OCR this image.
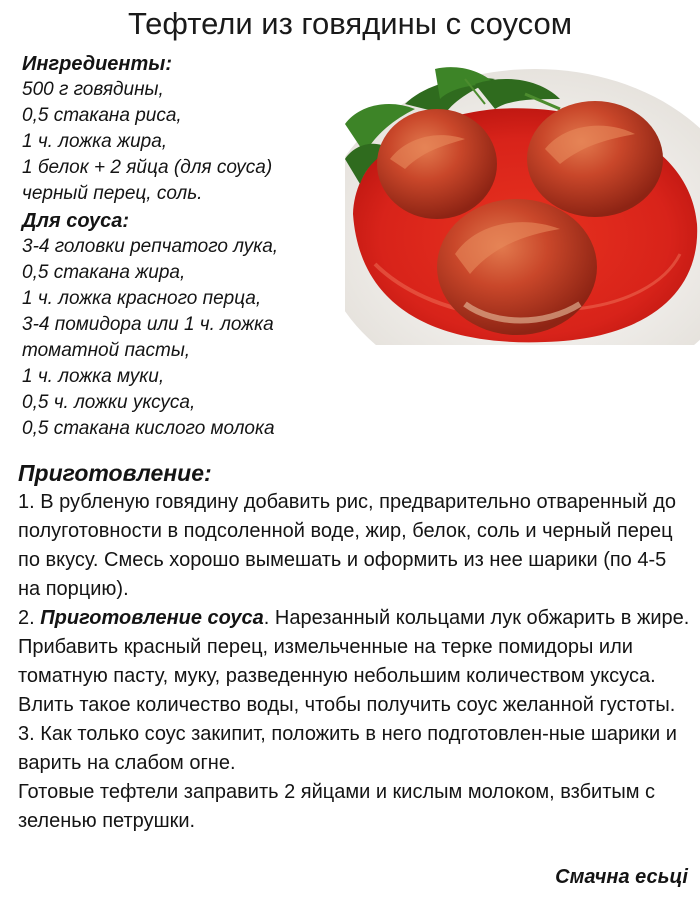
Тефтели из говядины с соусом
Ингредиенты:
500 г говядины,
0,5 стакана риса,
1 ч. ложка жира,
1 белок + 2 яйца (для соуса)
черный перец, соль.
Для соуса:
3-4 головки репчатого лука,
0,5 стакана жира,
1 ч. ложка красного перца,
3-4 помидора или 1 ч. ложка
томатной пасты,
1 ч. ложка муки,
0,5 ч. ложки уксуса,
0,5 стакана кислого молока
Приготовление:

1. В рубленую говядину добавить рис, предварительно отваренный до полуготовности в подсоленной воде, жир, белок, соль и черный перец по вкусу. Смесь хорошо вымешать и оформить из нее шарики (по 4-5 на порцию).

2. Приготовление соуса. Нарезанный кольцами лук обжарить в жире. Прибавить красный перец, измельченные на терке помидоры или томатную пасту, муку, разведенную небольшим количеством уксуса. Влить такое количество воды, чтобы получить соус желанной густоты.

3. Как только соус закипит, положить в него подготовлен-ные шарики и варить на слабом огне.

Готовые тефтели заправить 2 яйцами и кислым молоком, взбитым с зеленью петрушки.

Смачна есьці
